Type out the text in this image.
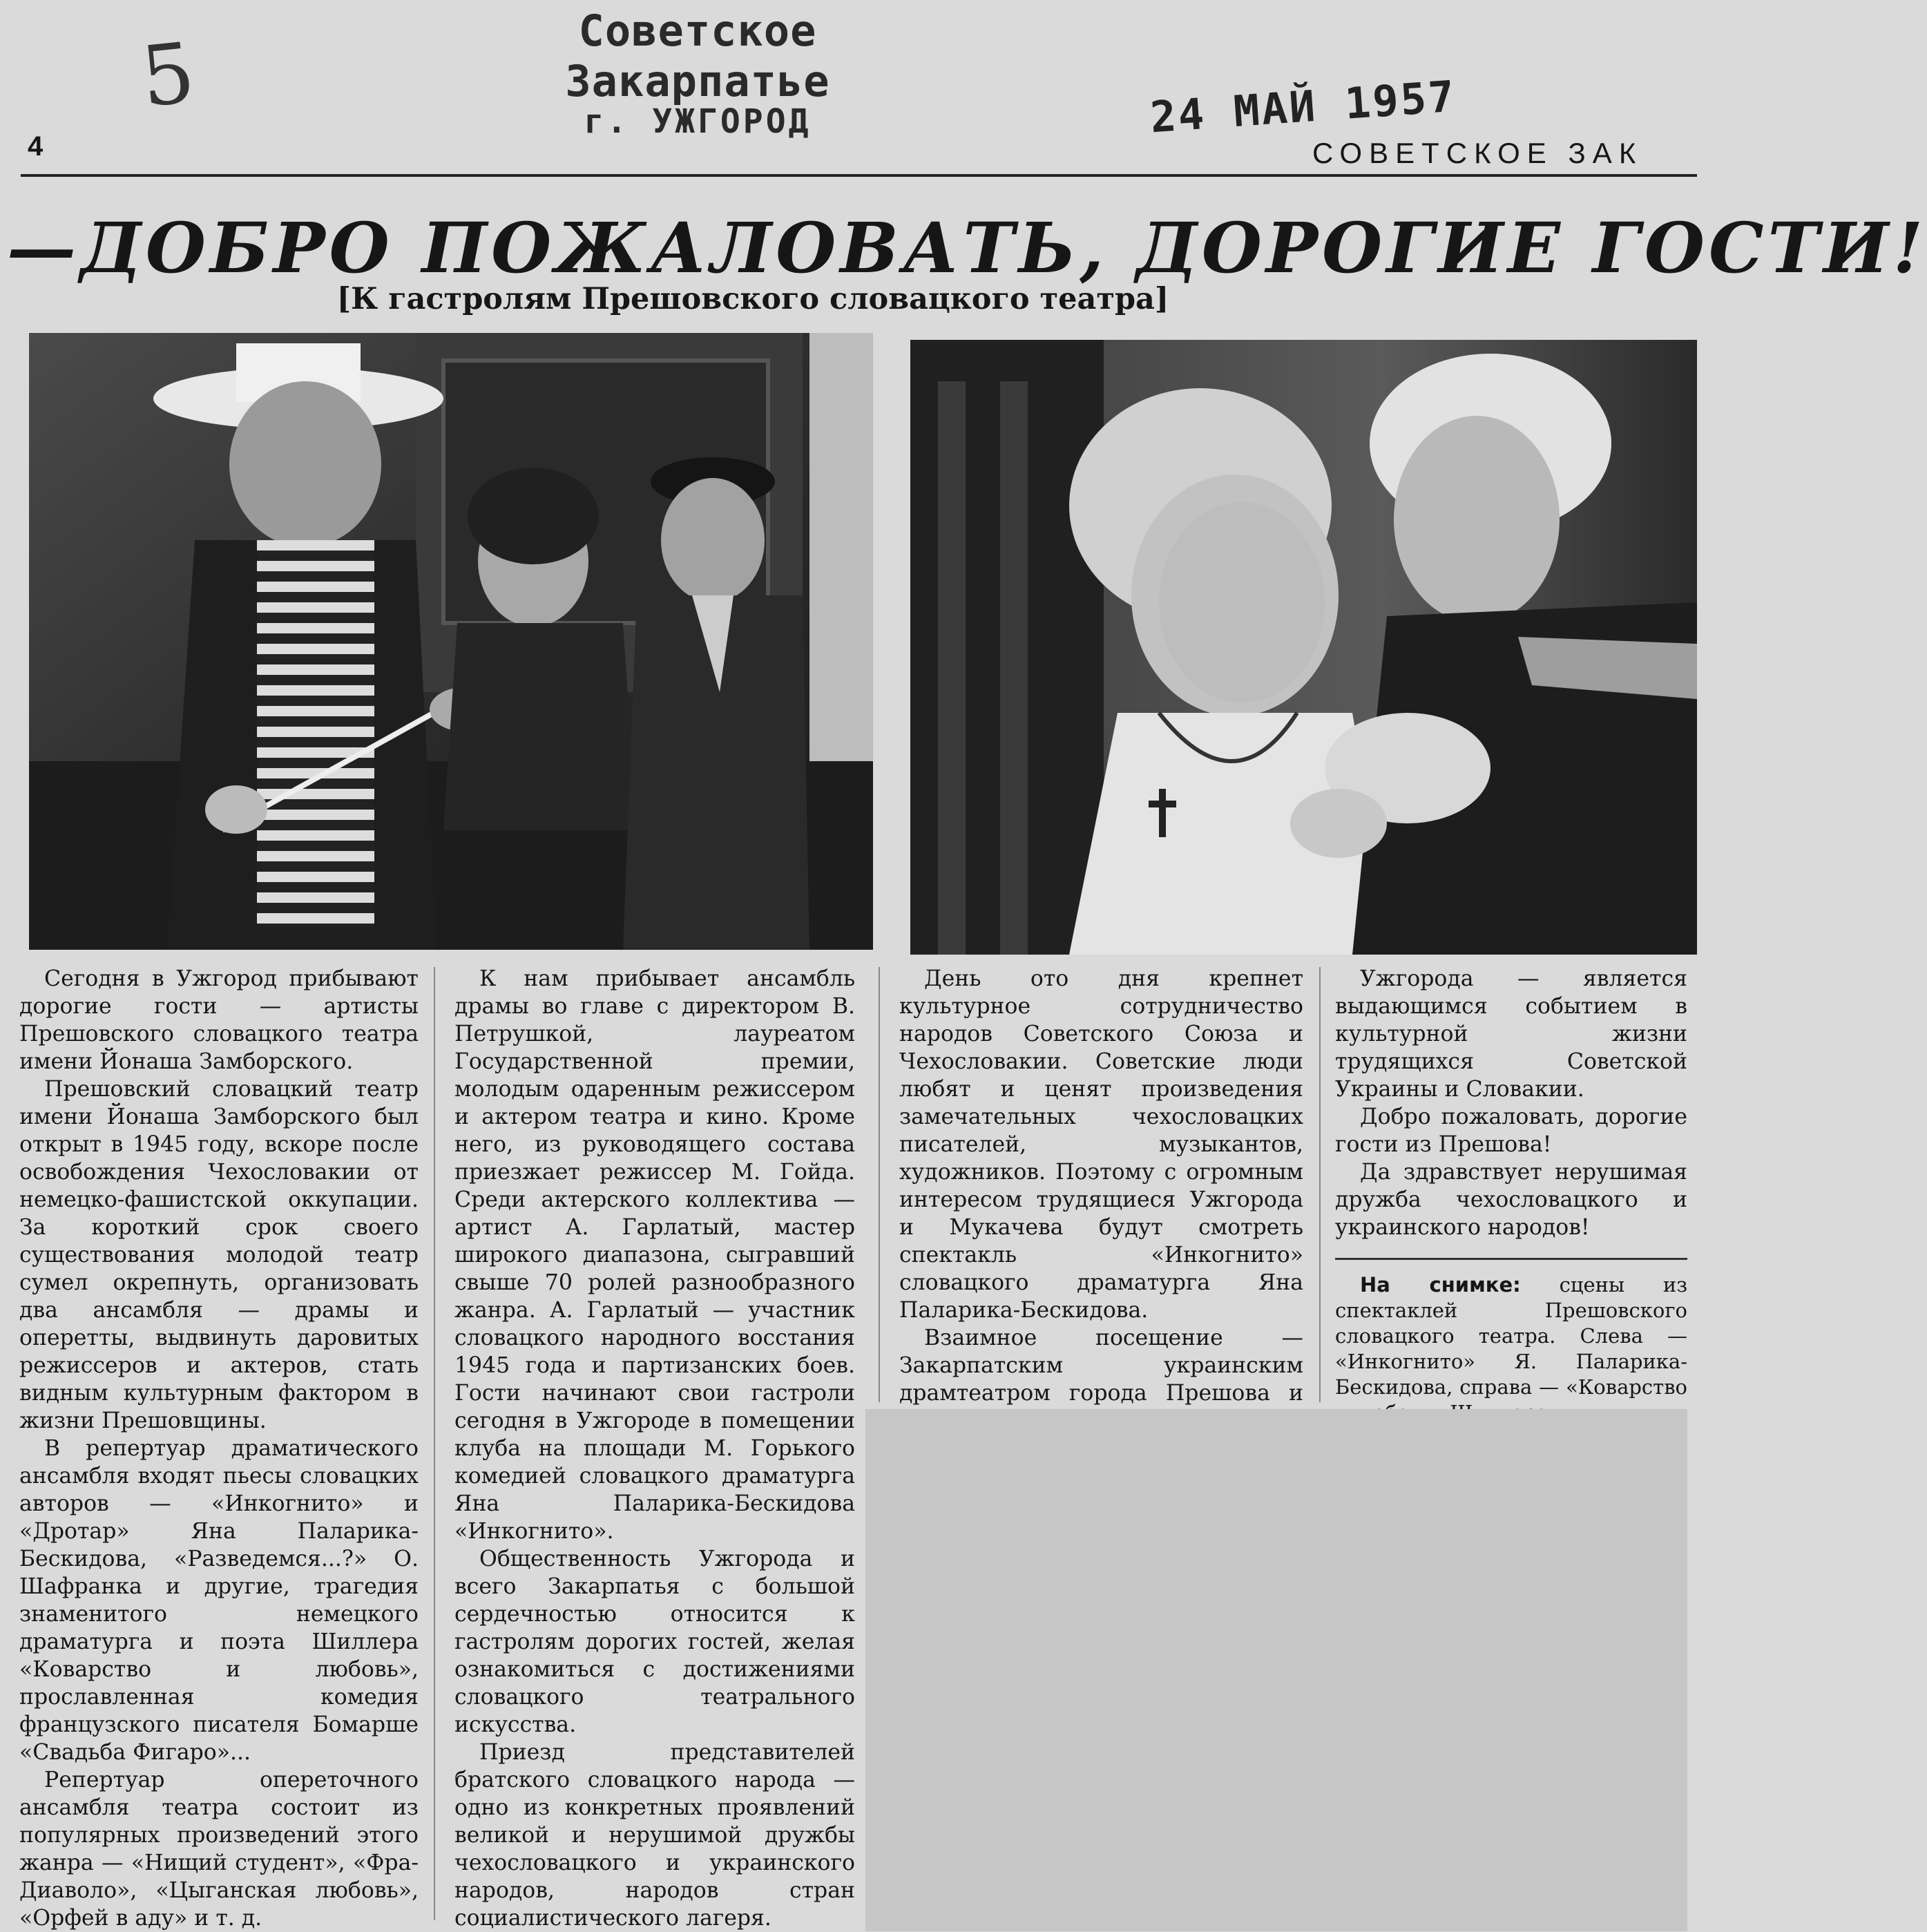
5	Советское Закарпатье
г. УЖГОРОД	24 МАЙ 1957
4	СОВЕТСКОЕ ЗАК
—ДОБРО ПОЖАЛОВАТЬ, ДОРОГИЕ ГОСТИ!
[К гастролям Прешовского словацкого театра]

Сегодня в Ужгород прибывают дорогие гости — артисты Прешовского словацкого театра имени Йонаша Замборского.

Прешовский словацкий театр имени Йонаша Замборского был открыт в 1945 году, вскоре после освобождения Чехословакии от немецко-фашистской оккупации. За короткий срок своего существования молодой театр сумел окрепнуть, организовать два ансамбля — драмы и оперетты, выдвинуть даровитых режиссеров и актеров, стать видным культурным фактором в жизни Прешовщины.

В репертуар драматического ансамбля входят пьесы словацких авторов — «Инкогнито» и «Дротар» Яна Паларика-Бескидова, «Разведемся...?» О. Шафранка и другие, трагедия знаменитого немецкого драматурга и поэта Шиллера «Коварство и любовь», прославленная комедия французского писателя Бомарше «Свадьба Фигаро»...

Репертуар опереточного ансамбля театра состоит из популярных произведений этого жанра — «Нищий студент», «Фра-Диаволо», «Цыганская любовь», «Орфей в аду» и т. д.

К нам прибывает ансамбль драмы во главе с директором В. Петрушкой, лауреатом Государственной премии, молодым одаренным режиссером и актером театра и кино. Кроме него, из руководящего состава приезжает режиссер М. Гойда. Среди актерского коллектива — артист А. Гарлатый, мастер широкого диапазона, сыгравший свыше 70 ролей разнообразного жанра. А. Гарлатый — участник словацкого народного восстания 1945 года и партизанских боев. Гости начинают свои гастроли сегодня в Ужгороде в помещении клуба на площади М. Горького комедией словацкого драматурга Яна Паларика-Бескидова «Инкогнито».

Общественность Ужгорода и всего Закарпатья с большой сердечностью относится к гастролям дорогих гостей, желая ознакомиться с достижениями словацкого театрального искусства.

Приезд представителей братского словацкого народа — одно из конкретных проявлений великой и нерушимой дружбы чехословацкого и украинского народов, народов стран социалистического лагеря.

День ото дня крепнет культурное сотрудничество народов Советского Союза и Чехословакии. Советские люди любят и ценят произведения замечательных чехословацких писателей, музыкантов, художников. Поэтому с огромным интересом трудящиеся Ужгорода и Мукачева будут смотреть спектакль «Инкогнито» словацкого драматурга Яна Паларика-Бескидова.

Взаимное посещение — Закарпатским украинским драмтеатром города Прешова и

Ужгорода — является выдающимся событием в культурной жизни трудящихся Советской Украины и Словакии.

Добро пожаловать, дорогие гости из Прешова!

Да здравствует нерушимая дружба чехословацкого и украинского народов!

На снимке: сцены из спектаклей Прешовского словацкого театра. Слева — «Инкогнито» Я. Паларика-Бескидова, справа — «Коварство
